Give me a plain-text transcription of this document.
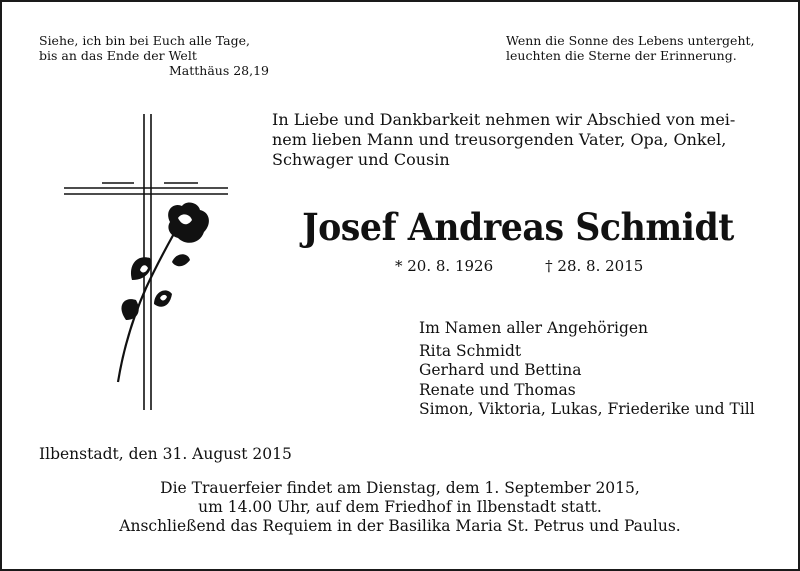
Siehe, ich bin bei Euch alle Tage,
bis an das Ende der Welt
Matthäus 28,19
Wenn die Sonne des Lebens untergeht,
leuchten die Sterne der Erinnerung.
In Liebe und Dankbarkeit nehmen wir Abschied von mei-
nem lieben Mann und treusorgenden Vater, Opa, Onkel,
Schwager und Cousin
Josef Andreas Schmidt
* 20. 8. 1926	† 28. 8. 2015
Im Namen aller Angehörigen
Rita Schmidt
Gerhard und Bettina
Renate und Thomas
Simon, Viktoria, Lukas, Friederike und Till
Ilbenstadt, den 31. August 2015
Die Trauerfeier findet am Dienstag, dem 1. September 2015,
um 14.00 Uhr, auf dem Friedhof in Ilbenstadt statt.
Anschließend das Requiem in der Basilika Maria St. Petrus und Paulus.
